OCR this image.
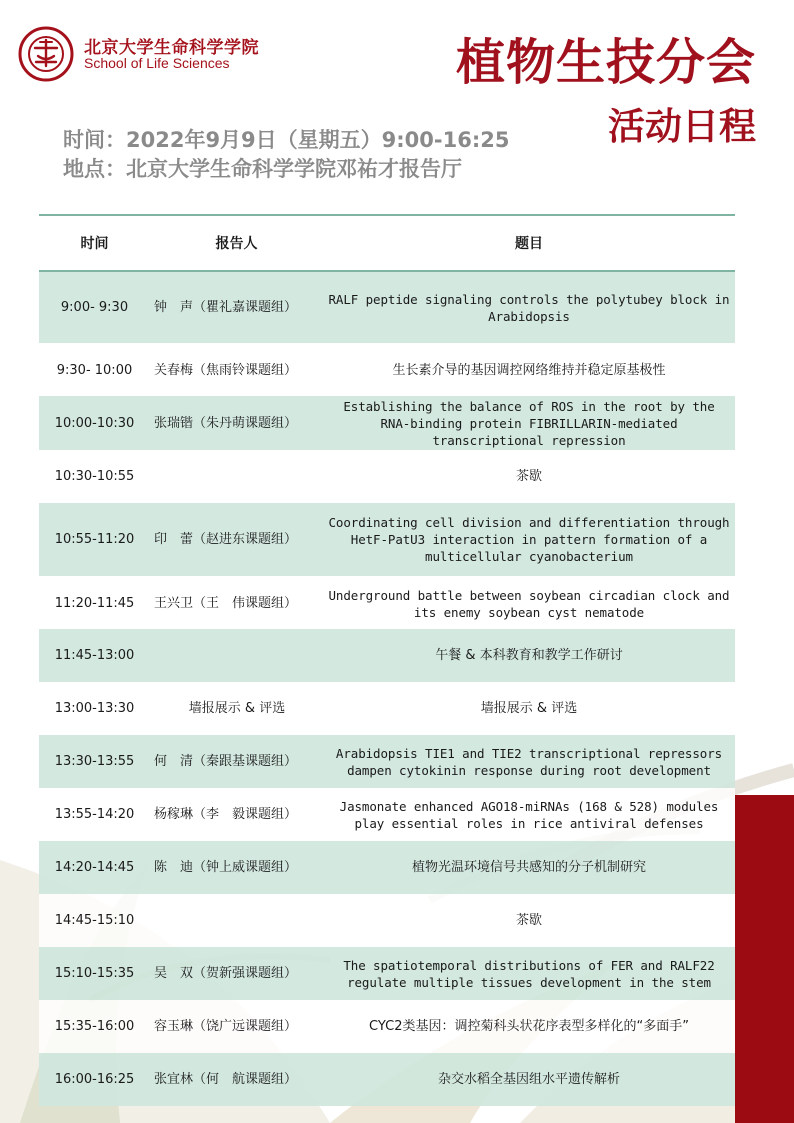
北京大学生命科学学院
School of Life Sciences	植物生技分会
活动日程
时间：2022年9月9日（星期五）9:00-16:25
地点：北京大学生命科学学院邓祐才报告厅
时间	报告人	题目
9:00- 9:30	钟　声（瞿礼嘉课题组）	RALF peptide signaling controls the polytubey block in Arabidopsis

9:30- 10:00	关春梅（焦雨铃课题组）	生长素介导的基因调控网络维持并稳定原基极性
10:00-10:30	张瑞锴（朱丹萌课题组）	Establishing the balance of ROS in the root by the RNA-binding protein FIBRILLARIN-mediated transcriptional repression
10:30-10:55		茶歇
10:55-11:20	印　蕾（赵进东课题组）	Coordinating cell division and differentiation through HetF-PatU3 interaction in pattern formation of a multicellular cyanobacterium

11:20-11:45	王兴卫（王　伟课题组）	Underground battle between soybean circadian clock and its enemy soybean cyst nematode
11:45-13:00		午餐 & 本科教育和教学工作研讨
13:00-13:30	墙报展示 & 评选	墙报展示 & 评选
13:30-13:55	何　清（秦跟基课题组）	Arabidopsis TIE1 and TIE2 transcriptional repressors dampen cytokinin response during root development
13:55-14:20	杨稼琳（李　毅课题组）	Jasmonate enhanced AGO18-miRNAs (168 & 528) modules play essential roles in rice antiviral defenses
14:20-14:45	陈　迪（钟上威课题组）	植物光温环境信号共感知的分子机制研究
14:45-15:10		茶歇
15:10-15:35	吴　双（贺新强课题组）	The spatiotemporal distributions of FER and RALF22 regulate multiple tissues development in the stem
15:35-16:00	容玉琳（饶广远课题组）	CYC2类基因：调控菊科头状花序表型多样化的“多面手”
16:00-16:25	张宜林（何　航课题组）	杂交水稻全基因组水平遗传解析
